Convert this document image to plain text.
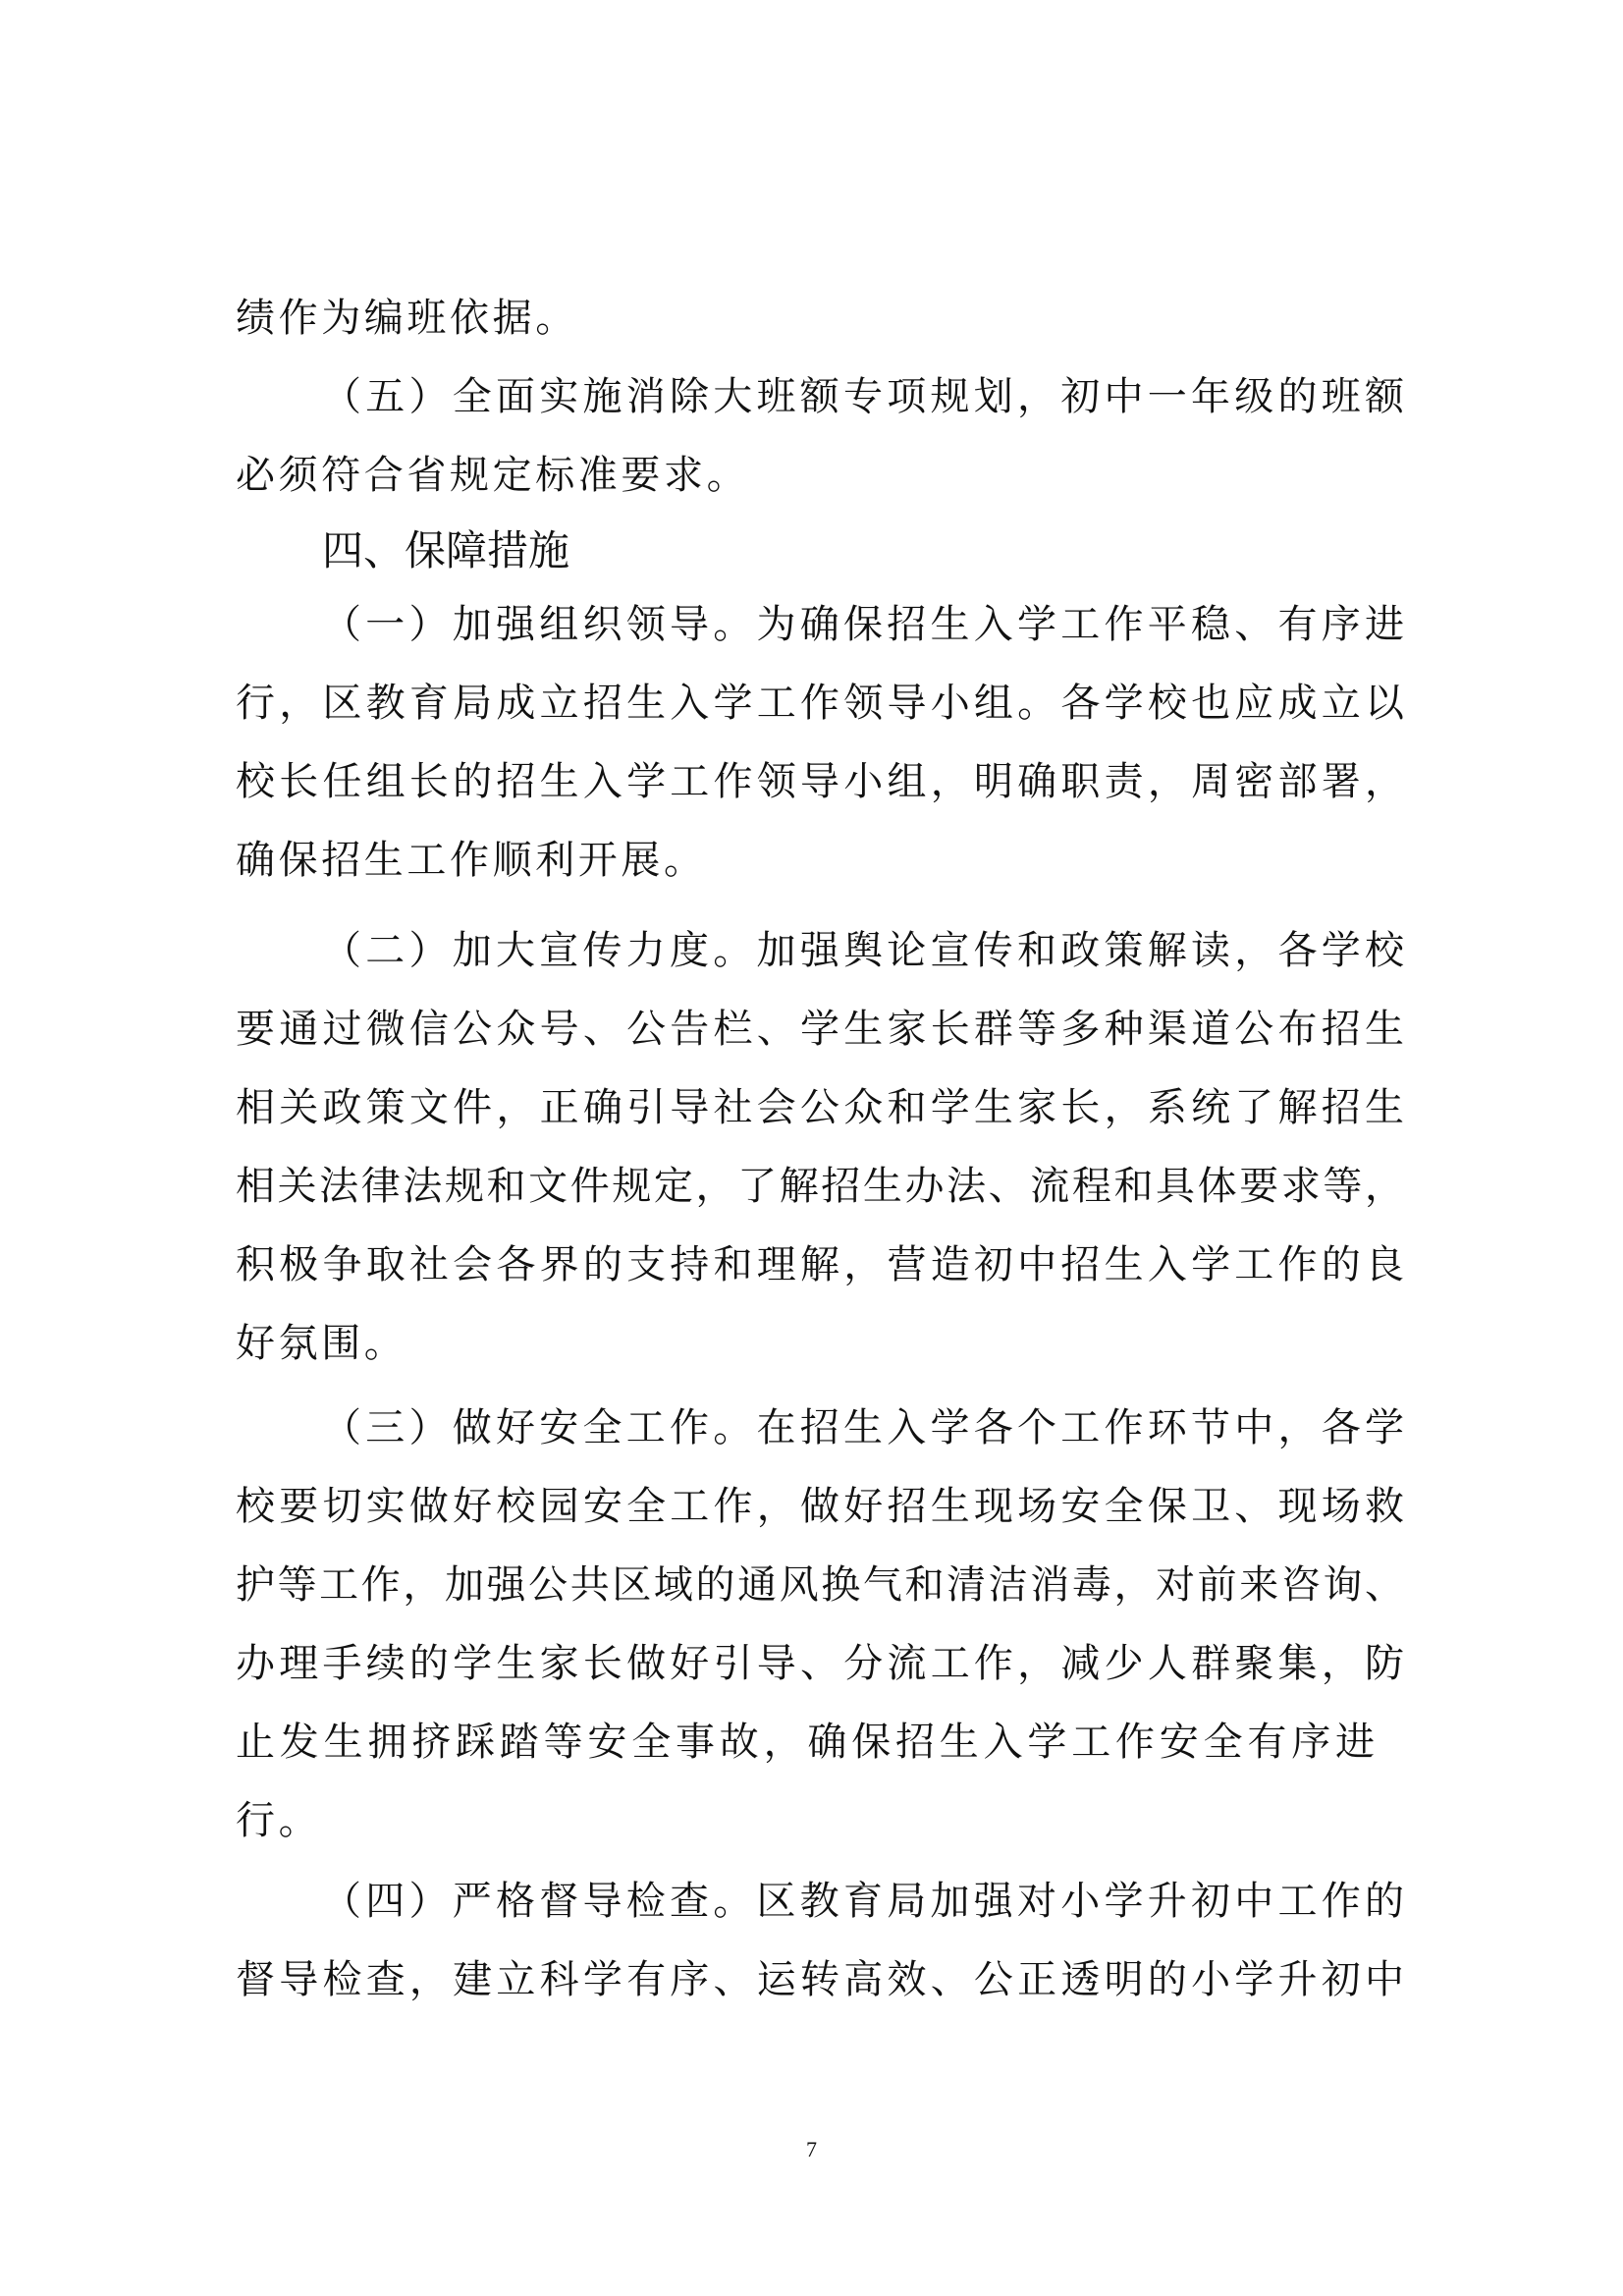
绩作为编班依据。
（五）全面实施消除大班额专项规划，初中一年级的班额
必须符合省规定标准要求。
四、保障措施
（一）加强组织领导。为确保招生入学工作平稳、有序进
行，区教育局成立招生入学工作领导小组。各学校也应成立以
校长任组长的招生入学工作领导小组，明确职责，周密部署，
确保招生工作顺利开展。
（二）加大宣传力度。加强舆论宣传和政策解读，各学校
要通过微信公众号、公告栏、学生家长群等多种渠道公布招生
相关政策文件，正确引导社会公众和学生家长，系统了解招生
相关法律法规和文件规定，了解招生办法、流程和具体要求等，
积极争取社会各界的支持和理解，营造初中招生入学工作的良
好氛围。
（三）做好安全工作。在招生入学各个工作环节中，各学
校要切实做好校园安全工作，做好招生现场安全保卫、现场救
护等工作，加强公共区域的通风换气和清洁消毒，对前来咨询、
办理手续的学生家长做好引导、分流工作，减少人群聚集，防
止发生拥挤踩踏等安全事故，确保招生入学工作安全有序进
行。
（四）严格督导检查。区教育局加强对小学升初中工作的
督导检查，建立科学有序、运转高效、公正透明的小学升初中
7
